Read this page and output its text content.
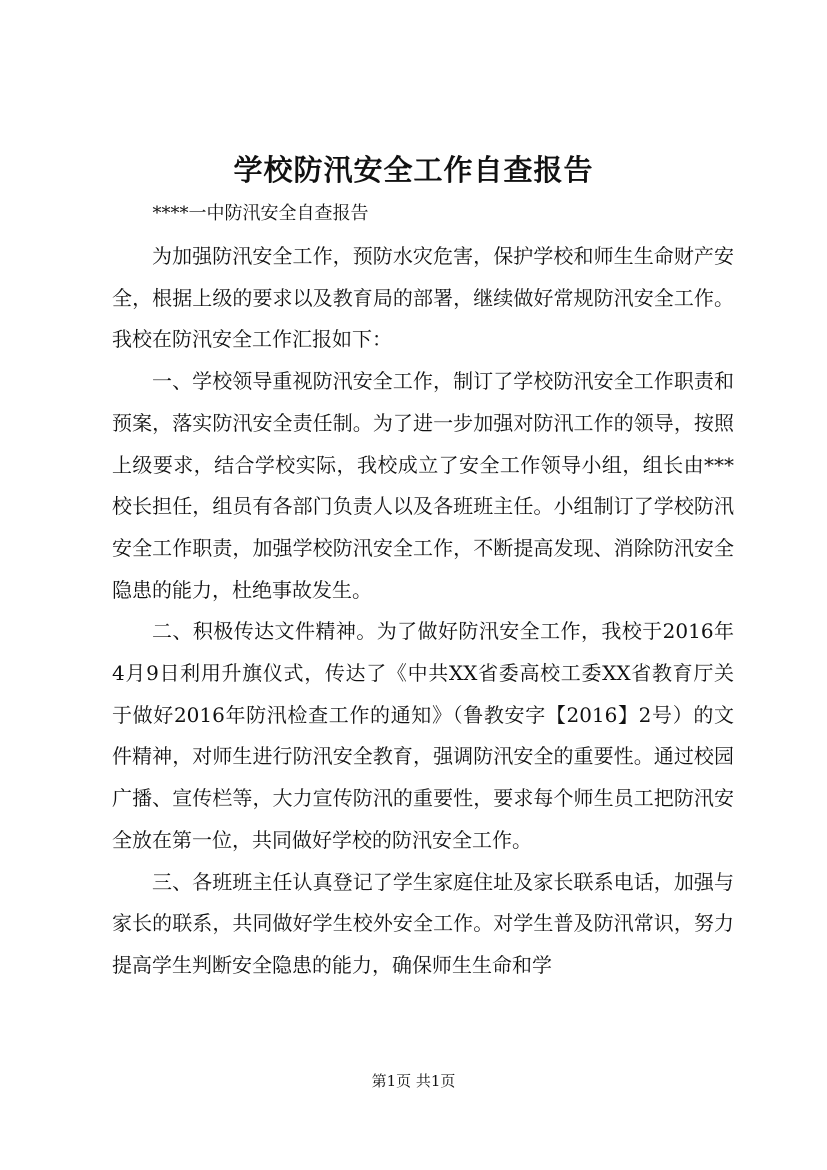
学校防汛安全工作自查报告

****一中防汛安全自查报告

为加强防汛安全工作，预防水灾危害，保护学校和师生生命财产安全，根据上级的要求以及教育局的部署，继续做好常规防汛安全工作。我校在防汛安全工作汇报如下：

一、学校领导重视防汛安全工作，制订了学校防汛安全工作职责和预案，落实防汛安全责任制。为了进一步加强对防汛工作的领导，按照上级要求，结合学校实际，我校成立了安全工作领导小组，组长由***校长担任，组员有各部门负责人以及各班班主任。小组制订了学校防汛安全工作职责，加强学校防汛安全工作，不断提高发现、消除防汛安全隐患的能力，杜绝事故发生。

二、积极传达文件精神。为了做好防汛安全工作，我校于2016年4月9日利用升旗仪式，传达了《中共XX省委高校工委XX省教育厅关于做好2016年防汛检查工作的通知》（鲁教安字【2016】2号）的文件精神，对师生进行防汛安全教育，强调防汛安全的重要性。通过校园广播、宣传栏等，大力宣传防汛的重要性，要求每个师生员工把防汛安全放在第一位，共同做好学校的防汛安全工作。

三、各班班主任认真登记了学生家庭住址及家长联系电话，加强与家长的联系，共同做好学生校外安全工作。对学生普及防汛常识，努力提高学生判断安全隐患的能力，确保师生生命和学

第1页 共1页
